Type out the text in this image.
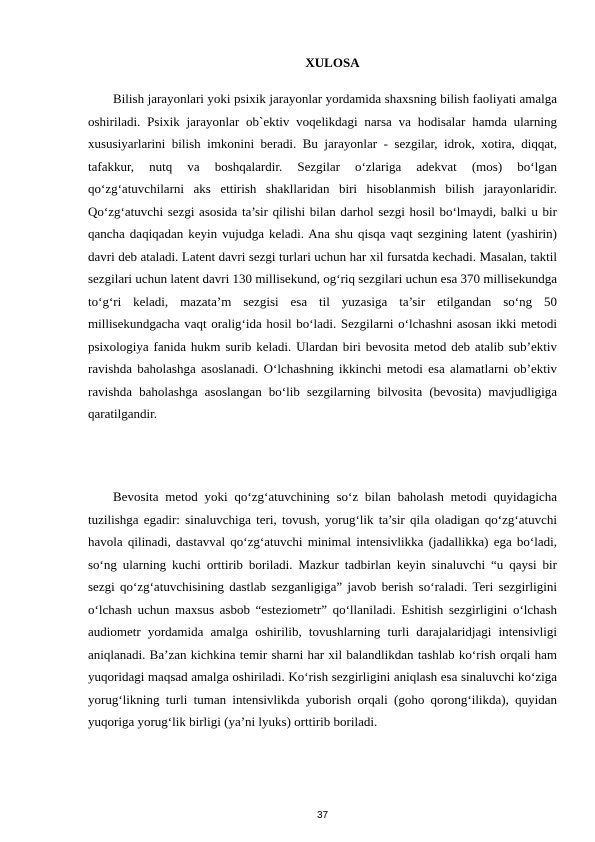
XULOSA

Bilish jarayonlari yoki psixik jarayonlar yordamida shaxsning bilish faoliyati amalga oshiriladi. Psixik jarayonlar ob`ektiv voqelikdagi narsa va hodisalar hamda ularning xususiyarlarini bilish imkonini beradi. Bu jarayonlar - sezgilar, idrok, xotira, diqqat, tafakkur, nutq va boshqalardir. Sezgilar o‘zlariga adekvat (mos) bo‘lgan qo‘zg‘atuvchilarni aks ettirish shakllaridan biri hisoblanmish bilish jarayonlaridir. Qo‘zg‘atuvchi sezgi asosida ta’sir qilishi bilan darhol sezgi hosil bo‘lmaydi, balki u bir qancha daqiqadan keyin vujudga keladi. Ana shu qisqa vaqt sezgining latent (yashirin) davri deb ataladi. Latent davri sezgi turlari uchun har xil fursatda kechadi. Masalan, taktil sezgilari uchun latent davri 130 millisekund, og‘riq sezgilari uchun esa 370 millisekundga to‘g‘ri keladi, mazata’m sezgisi esa til yuzasiga ta’sir etilgandan so‘ng 50 millisekundgacha vaqt oralig‘ida hosil bo‘ladi. Sezgilarni o‘lchashni asosan ikki metodi psixologiya fanida hukm surib keladi. Ulardan biri bevosita metod deb atalib sub’ektiv ravishda baholashga asoslanadi. O‘lchashning ikkinchi metodi esa alamatlarni ob’ektiv ravishda baholashga asoslangan bo‘lib sezgilarning bilvosita (bevosita) mavjudligiga qaratilgandir.

Bevosita metod yoki qo‘zg‘atuvchining so‘z bilan baholash metodi quyidagicha tuzilishga egadir: sinaluvchiga teri, tovush, yorug‘lik ta’sir qila oladigan qo‘zg‘atuvchi havola qilinadi, dastavval qo‘zg‘atuvchi minimal intensivlikka (jadallikka) ega bo‘ladi, so‘ng ularning kuchi orttirib boriladi. Mazkur tadbirlan keyin sinaluvchi “u qaysi bir sezgi qo‘zg‘atuvchisining dastlab sezganligiga” javob berish so‘raladi. Teri sezgirligini o‘lchash uchun maxsus asbob “esteziometr” qo‘llaniladi. Eshitish sezgirligini o‘lchash audiometr yordamida amalga oshirilib, tovushlarning turli darajalaridjagi intensivligi aniqlanadi. Ba’zan kichkina temir sharni har xil balandlikdan tashlab ko‘rish orqali ham yuqoridagi maqsad amalga oshiriladi. Ko‘rish sezgirligini aniqlash esa sinaluvchi ko‘ziga yorug‘likning turli tuman intensivlikda yuborish orqali (goho qorong‘ilikda), quyidan yuqoriga yorug‘lik birligi (ya’ni lyuks) orttirib boriladi.

37
